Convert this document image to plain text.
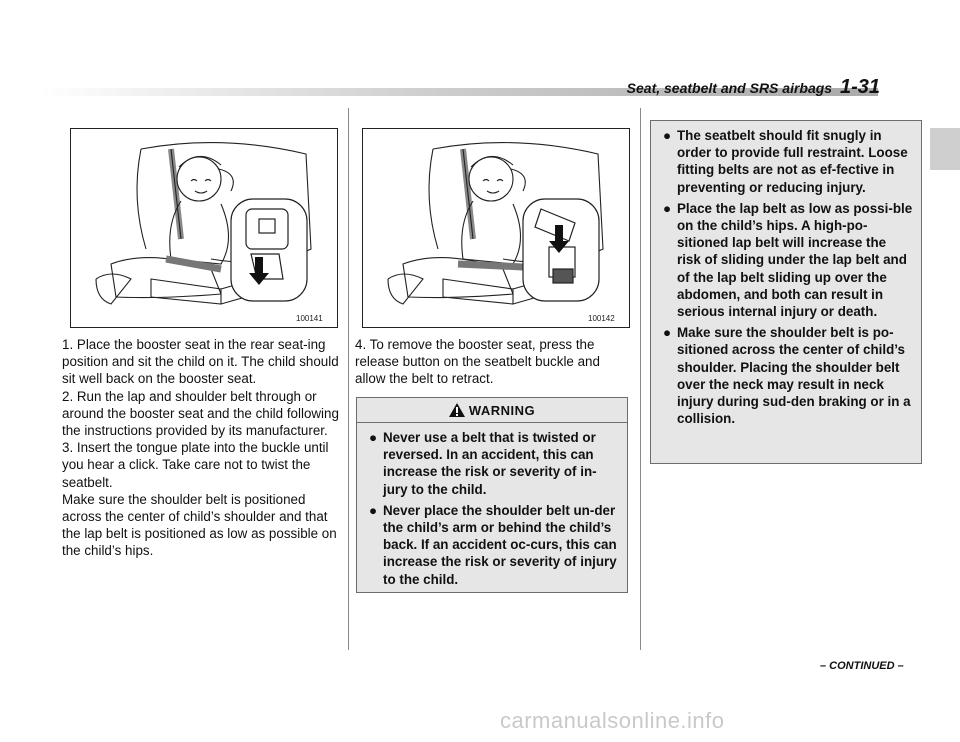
Seat, seatbelt and SRS airbags 1-31
100141

1. Place the booster seat in the rear seat-ing position and sit the child on it. The child should sit well back on the booster seat.

2. Run the lap and shoulder belt through or around the booster seat and the child following the instructions provided by its manufacturer.

3. Insert the tongue plate into the buckle until you hear a click. Take care not to twist the seatbelt.

Make sure the shoulder belt is positioned across the center of child’s shoulder and that the lap belt is positioned as low as possible on the child’s hips.

100142
4. To remove the booster seat, press the release button on the seatbelt buckle and allow the belt to retract.
WARNING
● Never use a belt that is twisted or reversed. In an accident, this can increase the risk or severity of in-jury to the child.
● Never place the shoulder belt un-der the child’s arm or behind the child’s back. If an accident oc-curs, this can increase the risk or severity of injury to the child.
● The seatbelt should fit snugly in order to provide full restraint. Loose fitting belts are not as ef-fective in preventing or reducing injury.
● Place the lap belt as low as possi-ble on the child’s hips. A high-po-sitioned lap belt will increase the risk of sliding under the lap belt and of the lap belt sliding up over the abdomen, and both can result in serious internal injury or death.
● Make sure the shoulder belt is po-sitioned across the center of child’s shoulder. Placing the shoulder belt over the neck may result in neck injury during sud-den braking or in a collision.
– CONTINUED –
carmanualsonline.info
